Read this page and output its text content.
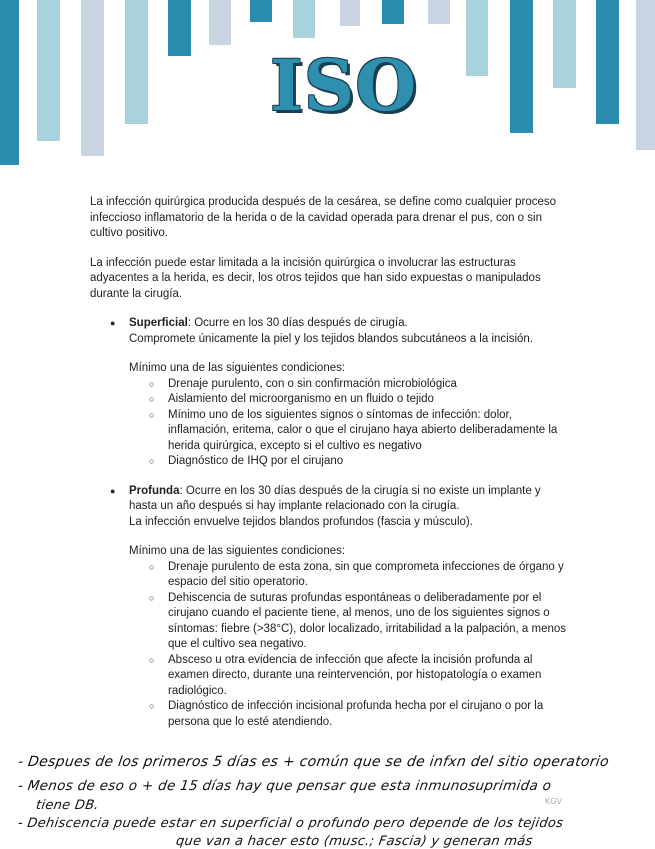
ISO

La infección quirúrgica producida después de la cesárea, se define como cualquier proceso infeccioso inflamatorio de la herida o de la cavidad operada para drenar el pus, con o sin cultivo positivo.

La infección puede estar limitada a la incisión quirúrgica o involucrar las estructuras adyacentes a la herida, es decir, los otros tejidos que han sido expuestas o manipulados durante la cirugía.

● Superficial: Ocurre en los 30 días después de cirugía.
Compromete únicamente la piel y los tejidos blandos subcutáneos a la incisión.
Mínimo una de las siguientes condiciones:
○ Drenaje purulento, con o sin confirmación microbiológica
○ Aislamiento del microorganismo en un fluido o tejido
○ Mínimo uno de los siguientes signos o síntomas de infección: dolor, inflamación, eritema, calor o que el cirujano haya abierto deliberadamente la herida quirúrgica, excepto si el cultivo es negativo
○ Diagnóstico de IHQ por el cirujano
● Profunda: Ocurre en los 30 días después de la cirugía si no existe un implante y hasta un año después si hay implante relacionado con la cirugía.
La infección envuelve tejidos blandos profundos (fascia y músculo).
Mínimo una de las siguientes condiciones:
○ Drenaje purulento de esta zona, sin que comprometa infecciones de órgano y espacio del sitio operatorio.
○ Dehiscencia de suturas profundas espontáneas o deliberadamente por el cirujano cuando el paciente tiene, al menos, uno de los siguientes signos o síntomas: fiebre (>38°C), dolor localizado, irritabilidad a la palpación, a menos que el cultivo sea negativo.
○ Absceso u otra evidencia de infección que afecte la incisión profunda al examen directo, durante una reintervención, por histopatología o examen radiológico.
○ Diagnóstico de infección incisional profunda hecha por el cirujano o por la persona que lo esté atendiendo.
- Despues de los primeros 5 días es + común que se de infxn del sitio operatorio
- Menos de eso o + de 15 días hay que pensar que esta inmunosuprimida o
tiene DB.
- Dehiscencia puede estar en superficial o profundo pero depende de los tejidos
que van a hacer esto (musc.; Fascia) y generan más
KGV
